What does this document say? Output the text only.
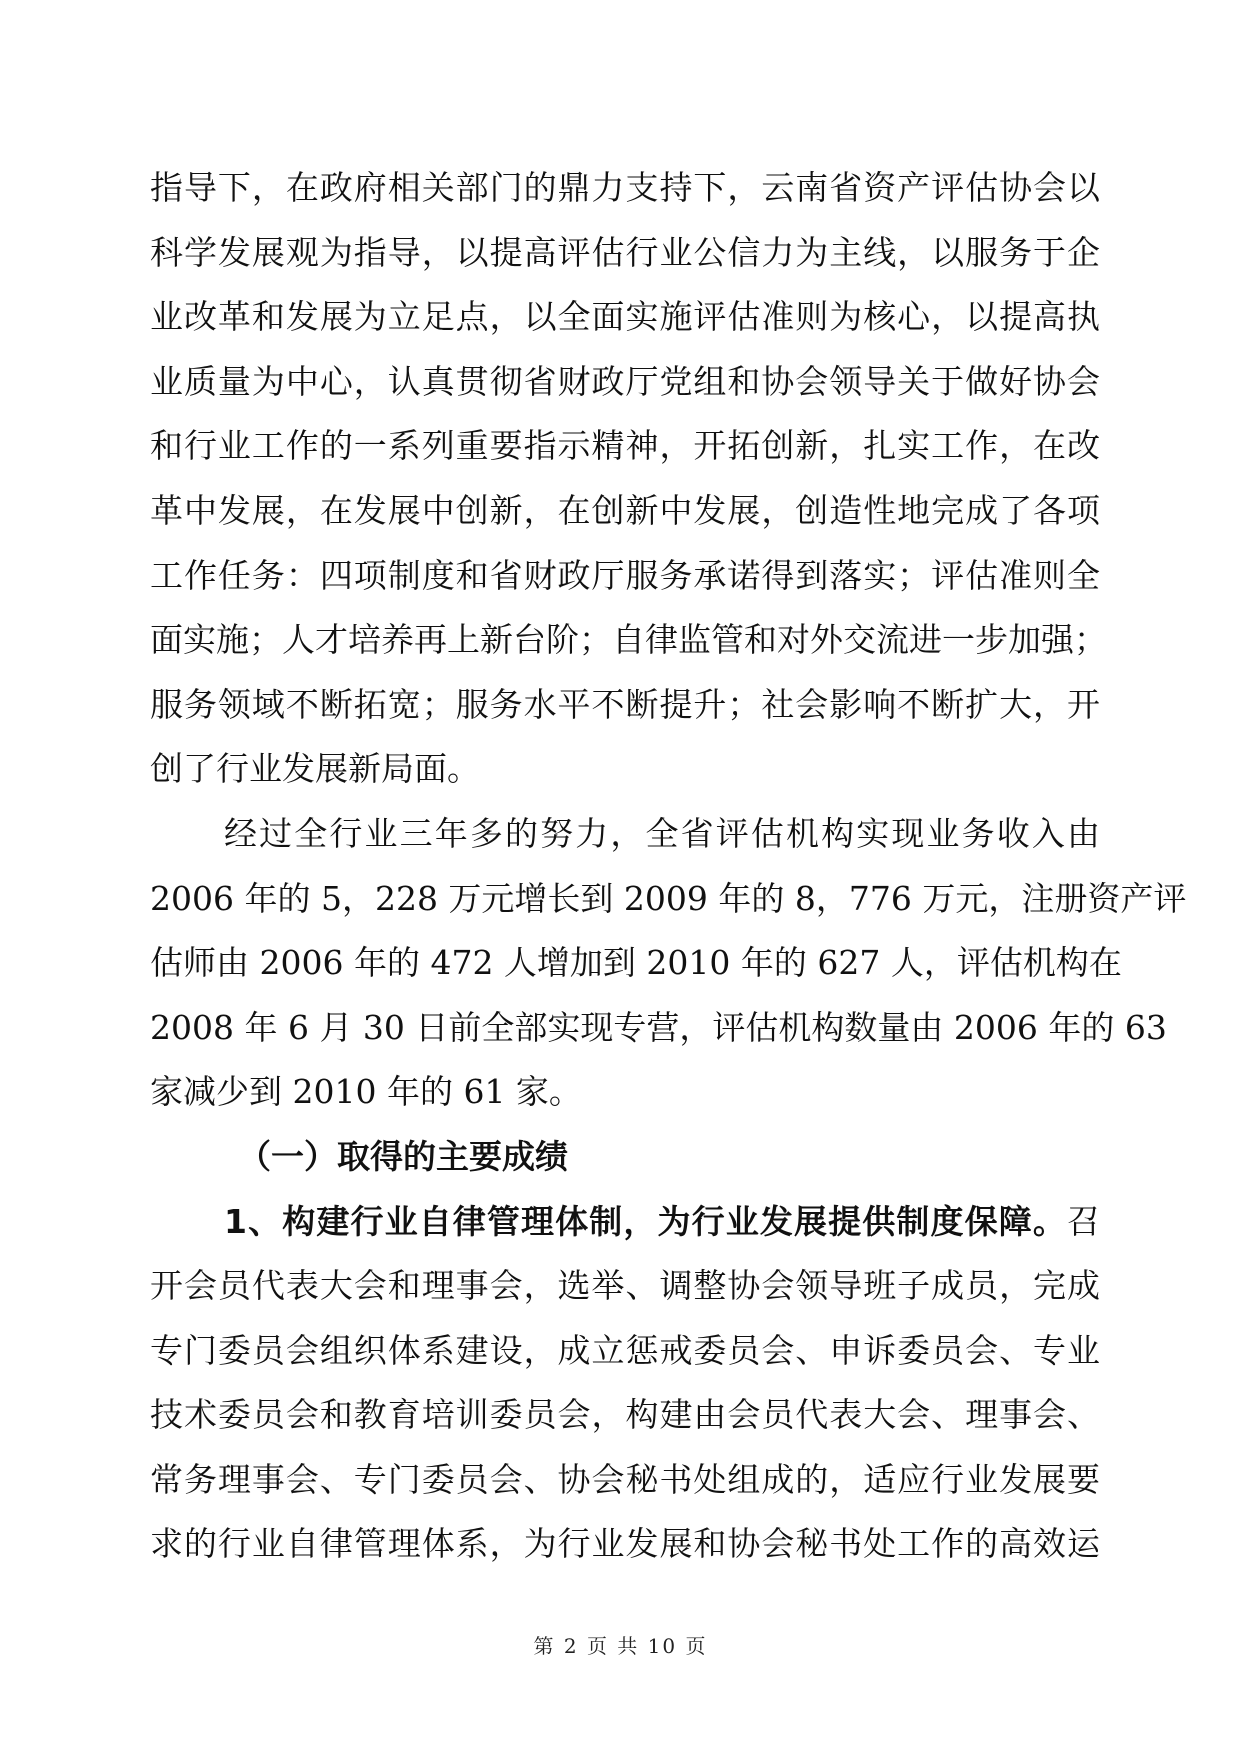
指导下，在政府相关部门的鼎力支持下，云南省资产评估协会以
科学发展观为指导，以提高评估行业公信力为主线，以服务于企
业改革和发展为立足点，以全面实施评估准则为核心，以提高执
业质量为中心，认真贯彻省财政厅党组和协会领导关于做好协会
和行业工作的一系列重要指示精神，开拓创新，扎实工作，在改
革中发展，在发展中创新，在创新中发展，创造性地完成了各项
工作任务：四项制度和省财政厅服务承诺得到落实；评估准则全
面实施；人才培养再上新台阶；自律监管和对外交流进一步加强；
服务领域不断拓宽；服务水平不断提升；社会影响不断扩大，开
创了行业发展新局面。
经过全行业三年多的努力，全省评估机构实现业务收入由
2006 年的 5，228 万元增长到 2009 年的 8，776 万元，注册资产评
估师由 2006 年的 472 人增加到 2010 年的 627 人，评估机构在
2008 年 6 月 30 日前全部实现专营，评估机构数量由 2006 年的 63
家减少到 2010 年的 61 家。
（一）取得的主要成绩
1、构建行业自律管理体制，为行业发展提供制度保障。召
开会员代表大会和理事会，选举、调整协会领导班子成员，完成
专门委员会组织体系建设，成立惩戒委员会、申诉委员会、专业
技术委员会和教育培训委员会，构建由会员代表大会、理事会、
常务理事会、专门委员会、协会秘书处组成的，适应行业发展要
求的行业自律管理体系，为行业发展和协会秘书处工作的高效运
第 2 页 共 10 页
